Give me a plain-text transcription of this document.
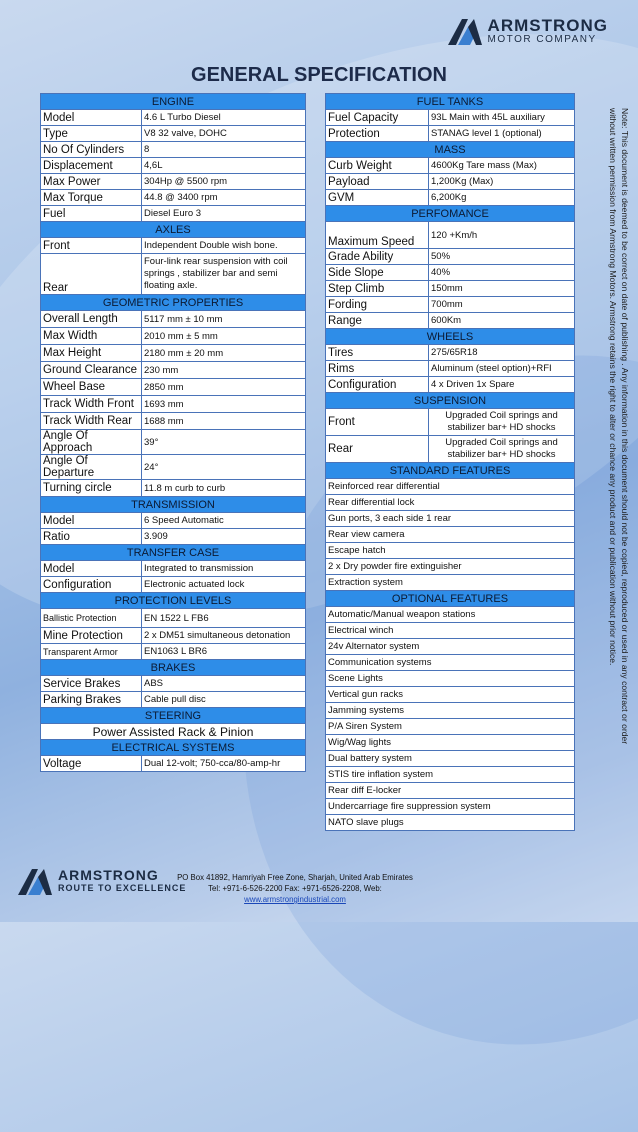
ARMSTRONG
MOTOR COMPANY
GENERAL SPECIFICATION
ENGINE	
Model	4.6 L Turbo Diesel
Type	V8 32 valve, DOHC
No Of Cylinders	8
Displacement	4,6L
Max Power	304Hp @ 5500 rpm
Max Torque	44.8 @ 3400 rpm
Fuel	Diesel Euro 3
AXLES	
Front	Independent Double wish bone.
Rear	Four-link rear suspension with coil springs , stabilizer bar and semi floating axle.
GEOMETRIC PROPERTIES	
Overall Length	5117 mm ± 10 mm
Max Width	2010 mm ± 5 mm
Max Height	2180 mm ± 20 mm
Ground Clearance	230 mm
Wheel Base	2850 mm
Track Width Front	1693 mm
Track Width Rear	1688 mm
Angle Of Approach	39°
Angle Of Departure	24°
Turning circle	11.8 m curb to curb
TRANSMISSION	
Model	6 Speed Automatic
Ratio	3.909
TRANSFER CASE	
Model	Integrated to transmission
Configuration	Electronic actuated lock
PROTECTION LEVELS	
Ballistic Protection	EN 1522 L FB6
Mine Protection	2 x DM51 simultaneous detonation
Transparent Armor	EN1063 L BR6
BRAKES	
Service Brakes	ABS
Parking Brakes	Cable pull disc
STEERING	
Power Assisted Rack & Pinion	
ELECTRICAL SYSTEMS	
Voltage	Dual 12-volt; 750-cca/80-amp-hr
FUEL TANKS	
Fuel Capacity	93L Main with 45L auxiliary
Protection	STANAG level 1 (optional)
MASS	
Curb Weight	4600Kg Tare mass (Max)
Payload	1,200Kg (Max)
GVM	6,200Kg
PERFOMANCE	
Maximum Speed	120 +Km/h
Grade Ability	50%
Side Slope	40%
Step Climb	150mm
Fording	700mm
Range	600Km
WHEELS	
Tires	275/65R18
Rims	Aluminum (steel option)+RFI
Configuration	4 x Driven 1x Spare
SUSPENSION	
Front	Upgraded Coil springs and stabilizer bar+ HD shocks
Rear	Upgraded Coil springs and stabilizer bar+ HD shocks
STANDARD FEATURES	
Reinforced rear differential	
Rear differential lock	
Gun ports, 3 each side 1 rear	
Rear view camera	
Escape hatch	
2 x Dry powder fire extinguisher	
Extraction system	
OPTIONAL FEATURES	
Automatic/Manual weapon stations	
Electrical winch	
24v Alternator system	
Communication systems	
Scene Lights	
Vertical gun racks	
Jamming systems	
P/A Siren System	
Wig/Wag lights	
Dual battery system	
STIS tire inflation system	
Rear diff E-locker	
Undercarriage fire suppression system	
NATO slave plugs	
Note: This document is deemed to be correct on date of publishing . Any information in this document should not be copied, reproduced or used in any contract or order without written permission from Armstrong Motors. Armstrong retains the right to alter or chance any product and or publication without prior notice.
ARMSTRONG
ROUTE TO EXCELLENCE
PO Box 41892, Hamriyah Free Zone, Sharjah, United Arab Emirates
Tel: +971-6-526-2200 Fax: +971-6526-2208, Web:
www.armstrongindustrial.com
